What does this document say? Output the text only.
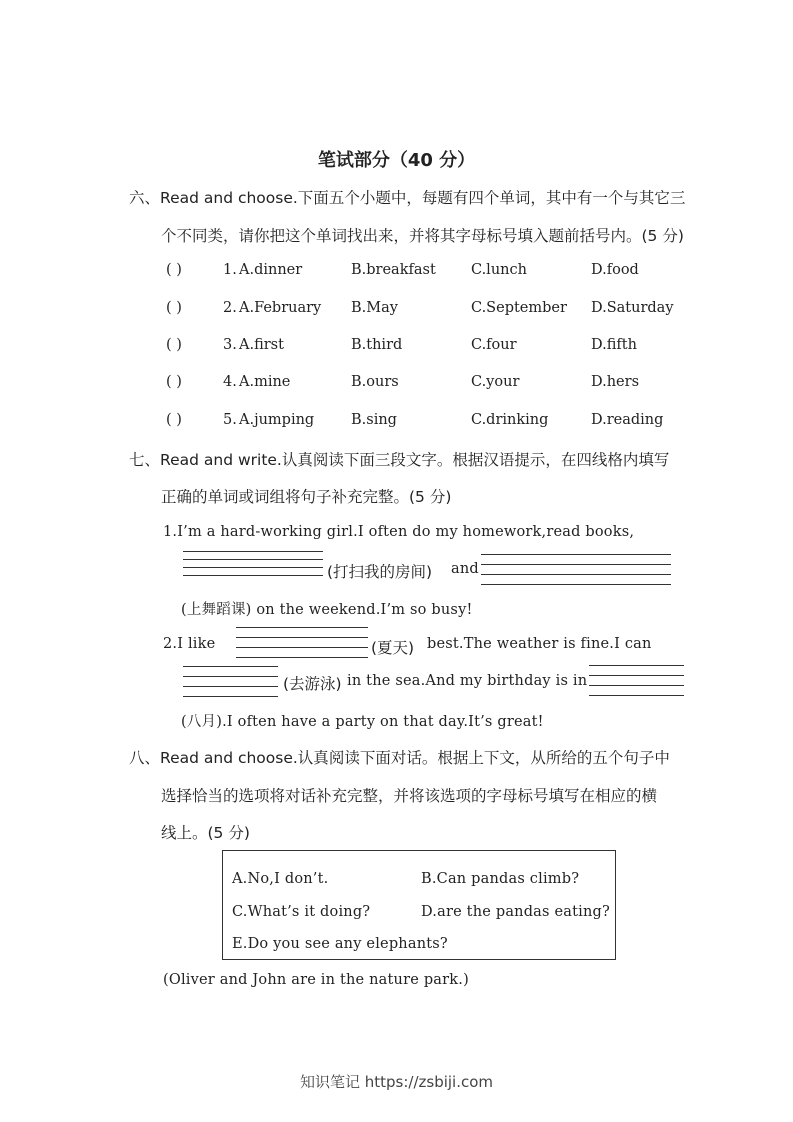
笔试部分（40 分）
六、Read and choose.下面五个小题中，每题有四个单词，其中有一个与其它三
个不同类，请你把这个单词找出来，并将其字母标号填入题前括号内。(5 分)
( )	1. A.dinner	B.breakfast C.lunch	D.food
( )	2. A.February B.May	C.September D.Saturday
( )	3. A.first	B.third	C.four	D.fifth
( )	4. A.mine	B.ours	C.your	D.hers
( )	5. A.jumping	B.sing	C.drinking	D.reading
七、Read and write.认真阅读下面三段文字。根据汉语提示，在四线格内填写
正确的单词或词组将句子补充完整。(5 分)
1.I’m a hard-working girl.I often do my homework,read books,
(打扫我的房间) and
(上舞蹈课) on the weekend.I’m so busy!
2.I like	(夏天) best.The weather is fine.I can
(去游泳) in the sea.And my birthday is in
(八月).I often have a party on that day.It’s great!
八、Read and choose.认真阅读下面对话。根据上下文，从所给的五个句子中
选择恰当的选项将对话补充完整，并将该选项的字母标号填写在相应的横
线上。(5 分)
A.No,I don’t.	B.Can pandas climb?
C.What’s it doing?	D.are the pandas eating?
E.Do you see any elephants?
(Oliver and John are in the nature park.)
知识笔记 https://zsbiji.com
